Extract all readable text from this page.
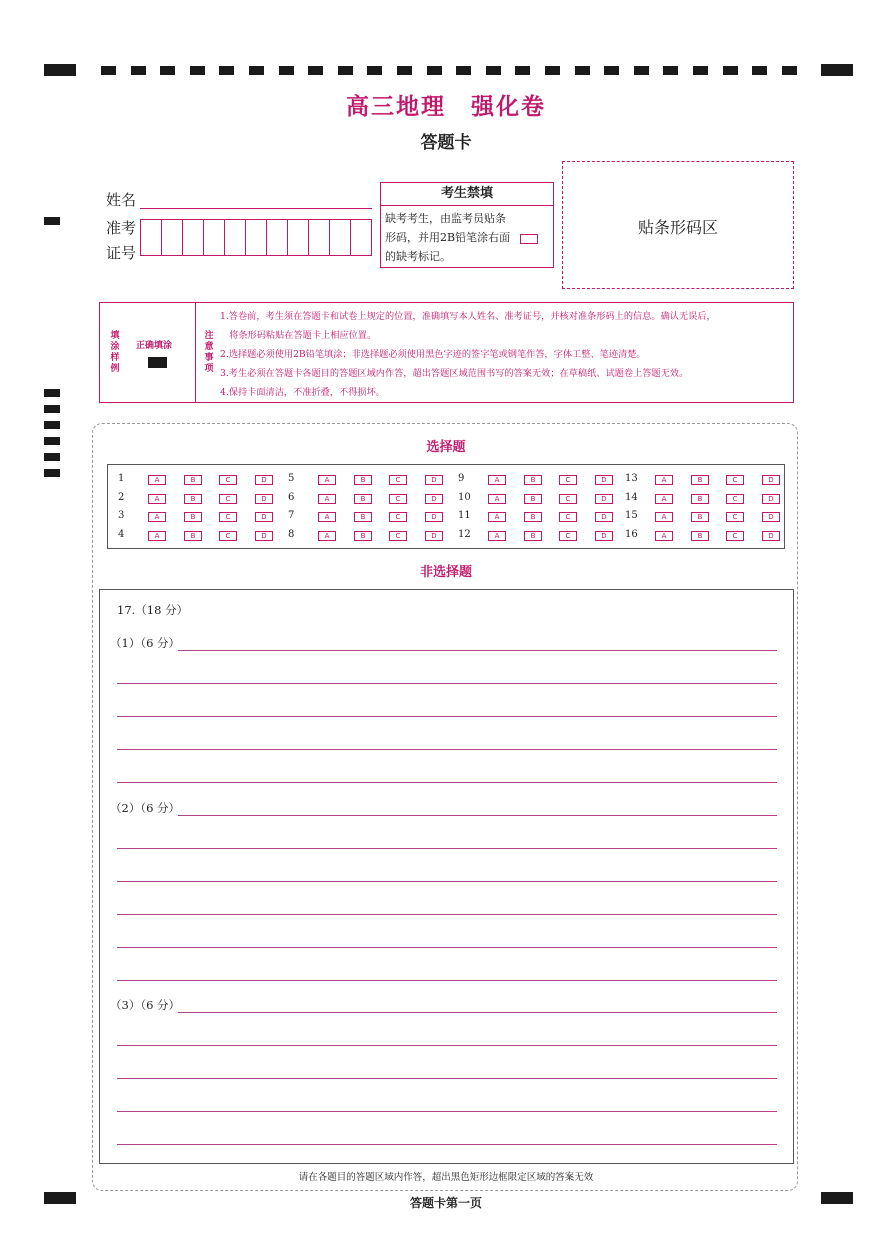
高三地理　强化卷
答题卡
姓名
准考
证号
考生禁填
缺考考生，由监考员贴条形码，并用2B铅笔涂右面的缺考标记。
贴条形码区
填涂样例
正确填涂
注意事项
1.答卷前，考生须在答题卡和试卷上规定的位置，准确填写本人姓名、准考证号，并核对准条形码上的信息。确认无误后，
　将条形码粘贴在答题卡上相应位置。
2.选择题必须使用2B铅笔填涂；非选择题必须使用黑色字迹的签字笔或钢笔作答，字体工整、笔迹清楚。
3.考生必须在答题卡各题目的答题区域内作答，超出答题区域范围书写的答案无效；在草稿纸、试题卷上答题无效。
4.保持卡面清洁，不准折叠，不得损坏。
选择题
1	A	B	C	D	5	A	B	C	D	9	A	B	C	D	13	A	B	C	D
2	A	B	C	D	6	A	B	C	D	10	A	B	C	D	14	A	B	C	D
3	A	B	C	D	7	A	B	C	D	11	A	B	C	D	15	A	B	C	D
4	A	B	C	D	8	A	B	C	D	12	A	B	C	D	16	A	B	C	D
非选择题
17.（18 分）
（1）（6 分）
（2）（6 分）
（3）（6 分）
请在各题目的答题区域内作答，超出黑色矩形边框限定区域的答案无效
答题卡第一页
